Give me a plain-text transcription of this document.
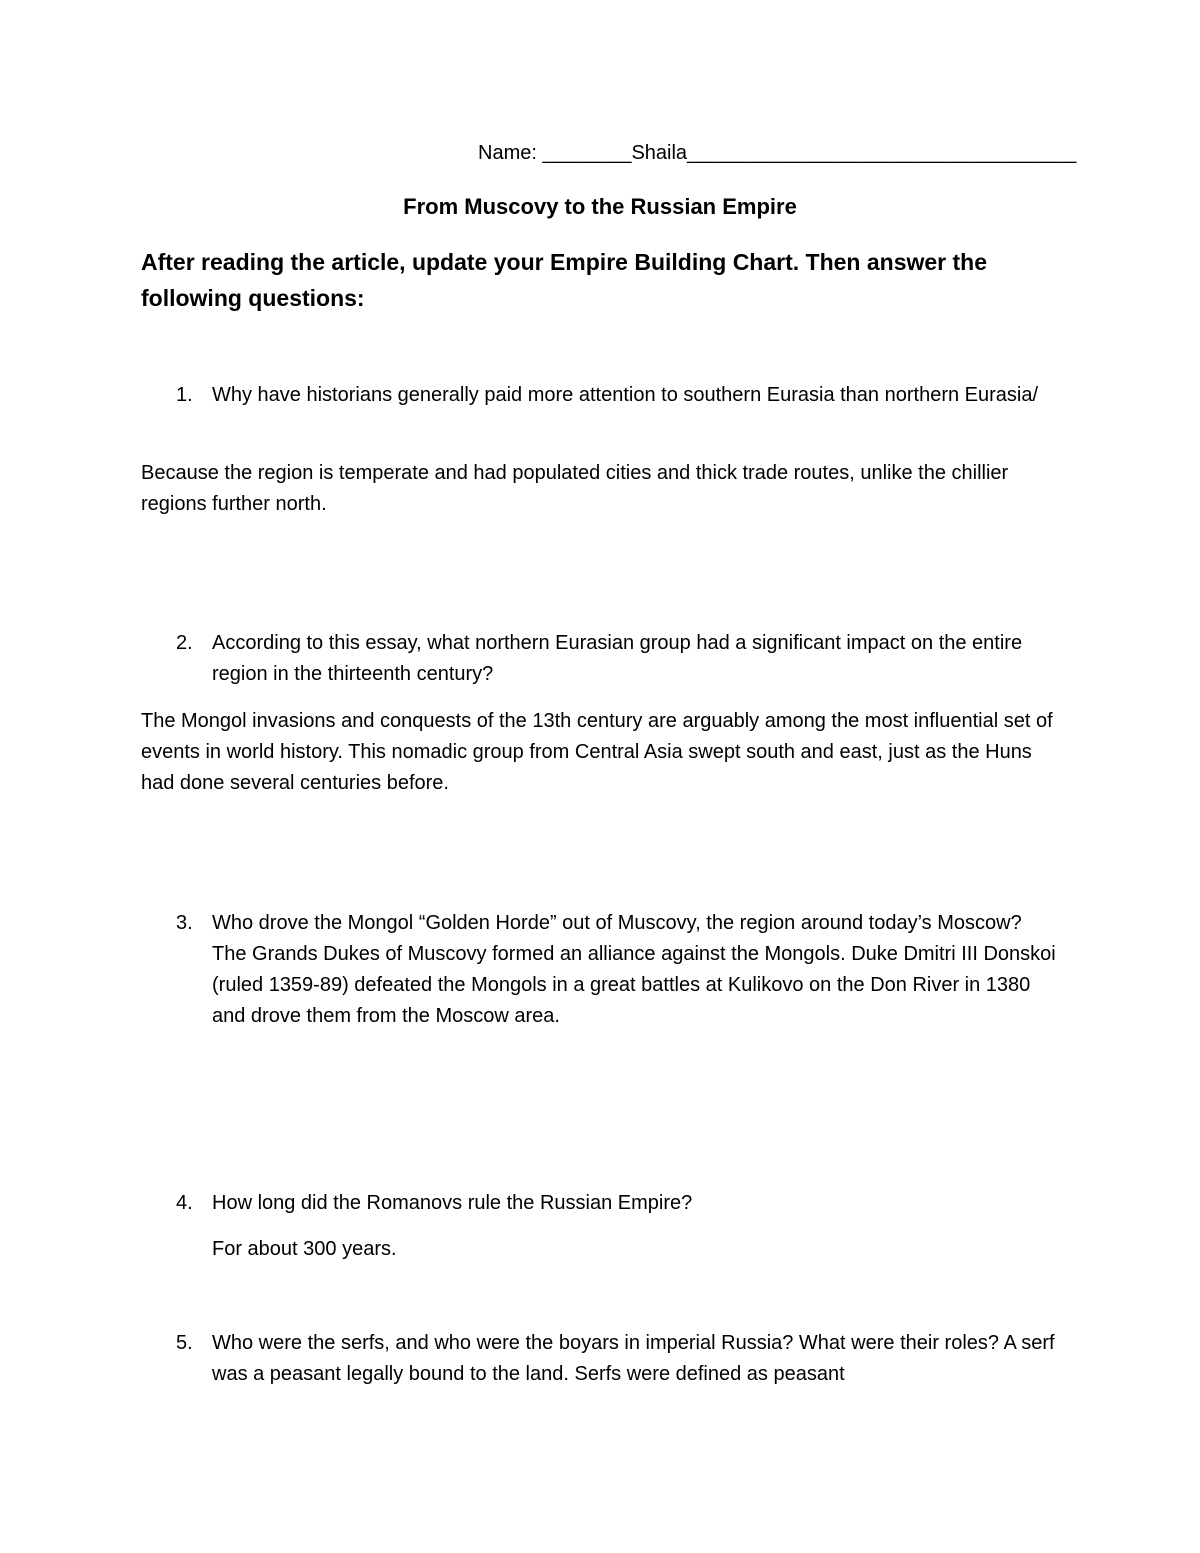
Name: ________Shaila___________________________________

From Muscovy to the Russian Empire

After reading the article, update your Empire Building Chart. Then answer the following questions:

1. Why have historians generally paid more attention to southern Eurasia than northern Eurasia/

Because the region is temperate and had populated cities and thick trade routes, unlike the chillier regions further north.

2. According to this essay, what northern Eurasian group had a significant impact on the entire region in the thirteenth century?

The Mongol invasions and conquests of the 13th century are arguably among the most influential set of events in world history. This nomadic group from Central Asia swept south and east, just as the Huns had done several centuries before.

3. Who drove the Mongol “Golden Horde” out of Muscovy, the region around today’s Moscow? The Grands Dukes of Muscovy formed an alliance against the Mongols. Duke Dmitri III Donskoi (ruled 1359-89) defeated the Mongols in a great battles at Kulikovo on the Don River in 1380 and drove them from the Moscow area.
4. How long did the Romanovs rule the Russian Empire?

For about 300 years.

5. Who were the serfs, and who were the boyars in imperial Russia? What were their roles? A serf was a peasant legally bound to the land. Serfs were defined as peasant
